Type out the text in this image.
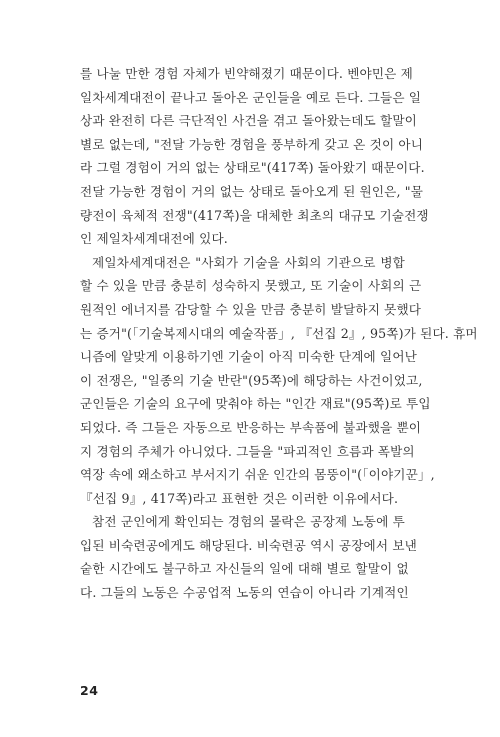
를 나눌 만한 경험 자체가 빈약해졌기 때문이다. 벤야민은 제
일차세계대전이 끝나고 돌아온 군인들을 예로 든다. 그들은 일
상과 완전히 다른 극단적인 사건을 겪고 돌아왔는데도 할말이
별로 없는데, "전달 가능한 경험을 풍부하게 갖고 온 것이 아니
라 그럴 경험이 거의 없는 상태로"(417쪽) 돌아왔기 때문이다.
전달 가능한 경험이 거의 없는 상태로 돌아오게 된 원인은, "물
량전이 육체적 전쟁"(417쪽)을 대체한 최초의 대규모 기술전쟁
인 제일차세계대전에 있다.
제일차세계대전은 "사회가 기술을 사회의 기관으로 병합
할 수 있을 만큼 충분히 성숙하지 못했고, 또 기술이 사회의 근
원적인 에너지를 감당할 수 있을 만큼 충분히 발달하지 못했다
는 증거"(「기술복제시대의 예술작품」, 『선집 2』, 95쪽)가 된다. 휴머
니즘에 알맞게 이용하기엔 기술이 아직 미숙한 단계에 일어난
이 전쟁은, "일종의 기술 반란"(95쪽)에 해당하는 사건이었고,
군인들은 기술의 요구에 맞춰야 하는 "인간 재료"(95쪽)로 투입
되었다. 즉 그들은 자동으로 반응하는 부속품에 불과했을 뿐이
지 경험의 주체가 아니었다. 그들을 "파괴적인 흐름과 폭발의
역장 속에 왜소하고 부서지기 쉬운 인간의 몸뚱이"(「이야기꾼」,
『선집 9』, 417쪽)라고 표현한 것은 이러한 이유에서다.
참전 군인에게 확인되는 경험의 몰락은 공장제 노동에 투
입된 비숙련공에게도 해당된다. 비숙련공 역시 공장에서 보낸
숱한 시간에도 불구하고 자신들의 일에 대해 별로 할말이 없
다. 그들의 노동은 수공업적 노동의 연습이 아니라 기계적인
24
